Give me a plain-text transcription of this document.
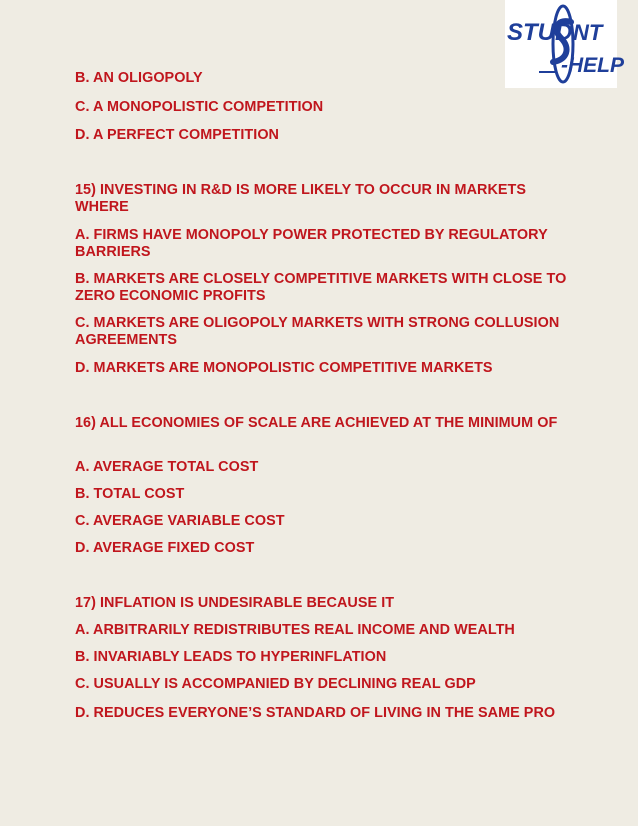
STUD NT
-HELP
B. AN OLIGOPOLY
C. A MONOPOLISTIC COMPETITION
D. A PERFECT COMPETITION
15) INVESTING IN R&D IS MORE LIKELY TO OCCUR IN MARKETS WHERE
A. FIRMS HAVE MONOPOLY POWER PROTECTED BY REGULATORY BARRIERS
B. MARKETS ARE CLOSELY COMPETITIVE MARKETS WITH CLOSE TO ZERO ECONOMIC PROFITS
C. MARKETS ARE OLIGOPOLY MARKETS WITH STRONG COLLUSION AGREEMENTS
D. MARKETS ARE MONOPOLISTIC COMPETITIVE MARKETS
16) ALL ECONOMIES OF SCALE ARE ACHIEVED AT THE MINIMUM OF
A. AVERAGE TOTAL COST
B. TOTAL COST
C. AVERAGE VARIABLE COST
D. AVERAGE FIXED COST
17) INFLATION IS UNDESIRABLE BECAUSE IT
A. ARBITRARILY REDISTRIBUTES REAL INCOME AND WEALTH
B. INVARIABLY LEADS TO HYPERINFLATION
C. USUALLY IS ACCOMPANIED BY DECLINING REAL GDP
D. REDUCES EVERYONE’S STANDARD OF LIVING IN THE SAME PRO
